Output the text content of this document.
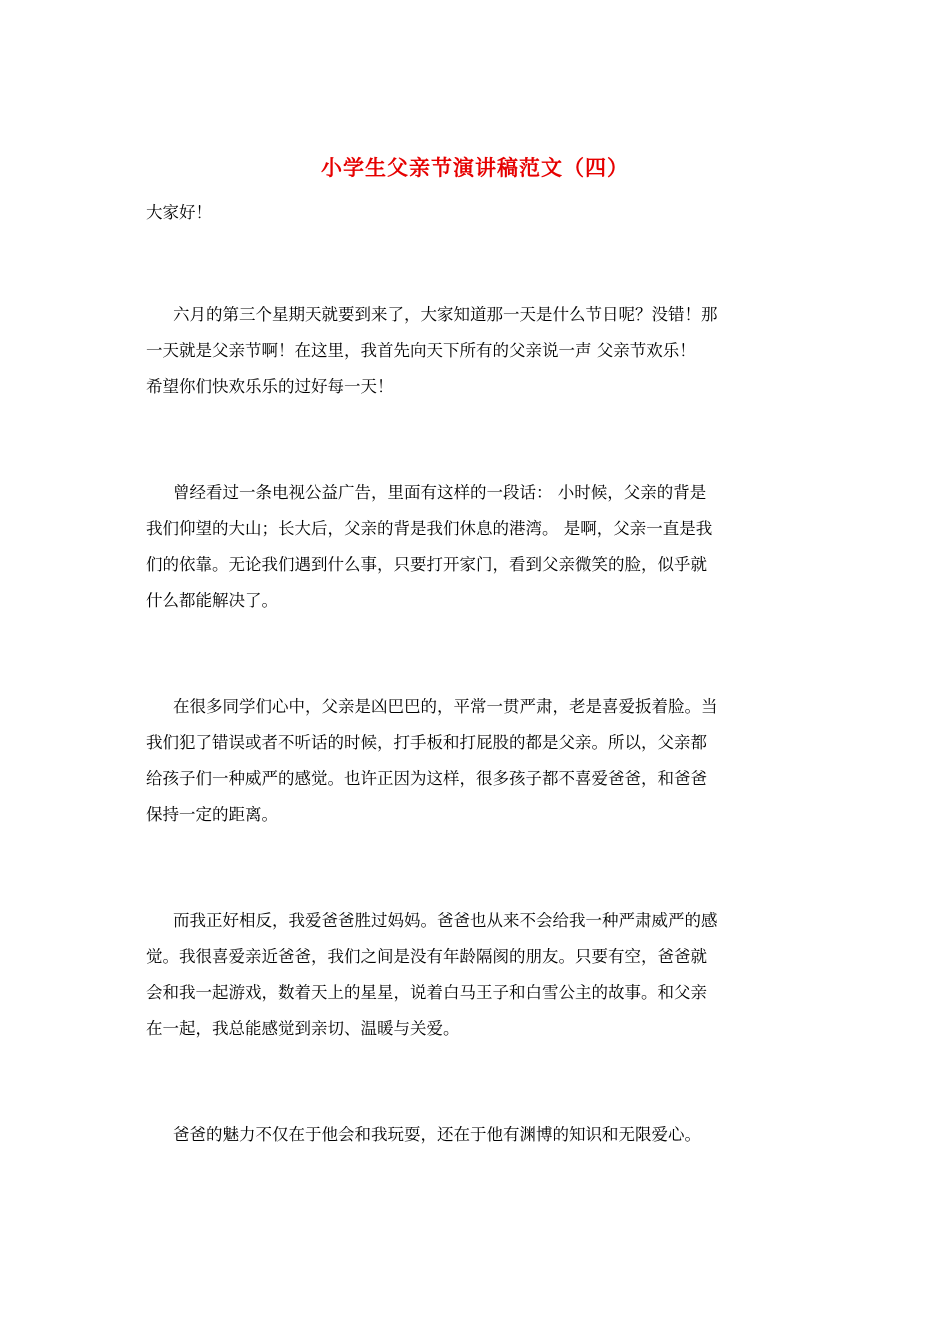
小学生父亲节演讲稿范文（四）
大家好！
六月的第三个星期天就要到来了，大家知道那一天是什么节日呢？没错！那
一天就是父亲节啊！在这里，我首先向天下所有的父亲说一声 父亲节欢乐！
希望你们快欢乐乐的过好每一天！
曾经看过一条电视公益广告，里面有这样的一段话： 小时候，父亲的背是
我们仰望的大山；长大后，父亲的背是我们休息的港湾。 是啊，父亲一直是我
们的依靠。无论我们遇到什么事，只要打开家门，看到父亲微笑的脸，似乎就
什么都能解决了。
在很多同学们心中，父亲是凶巴巴的，平常一贯严肃，老是喜爱扳着脸。当
我们犯了错误或者不听话的时候，打手板和打屁股的都是父亲。所以，父亲都
给孩子们一种威严的感觉。也许正因为这样，很多孩子都不喜爱爸爸，和爸爸
保持一定的距离。
而我正好相反，我爱爸爸胜过妈妈。爸爸也从来不会给我一种严肃威严的感
觉。我很喜爱亲近爸爸，我们之间是没有年龄隔阂的朋友。只要有空，爸爸就
会和我一起游戏，数着天上的星星，说着白马王子和白雪公主的故事。和父亲
在一起，我总能感觉到亲切、温暖与关爱。
爸爸的魅力不仅在于他会和我玩耍，还在于他有渊博的知识和无限爱心。
